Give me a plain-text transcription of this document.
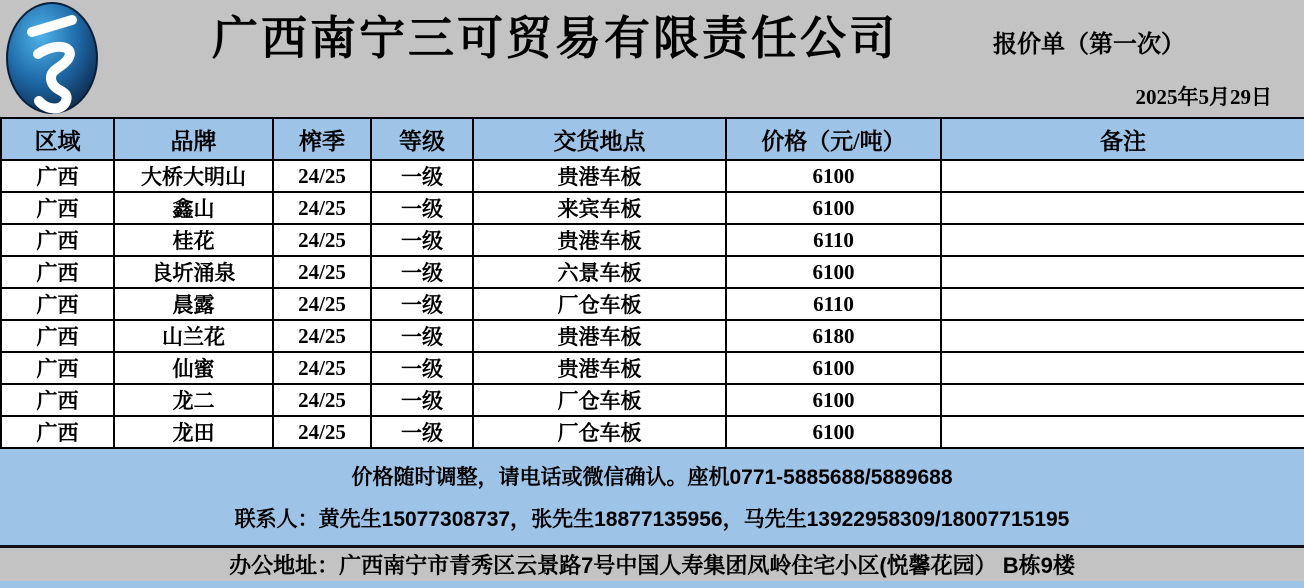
广西南宁三可贸易有限责任公司	报价单（第一次）
2025年5月29日
区域	品牌	榨季	等级	交货地点	价格（元/吨）	备注
广西	大桥大明山	24/25	一级	贵港车板	6100	
广西	鑫山	24/25	一级	来宾车板	6100	
广西	桂花	24/25	一级	贵港车板	6110	
广西	良圻涌泉	24/25	一级	六景车板	6100	
广西	晨露	24/25	一级	厂仓车板	6110	
广西	山兰花	24/25	一级	贵港车板	6180	
广西	仙蜜	24/25	一级	贵港车板	6100	
广西	龙二	24/25	一级	厂仓车板	6100	
广西	龙田	24/25	一级	厂仓车板	6100	

价格随时调整，请电话或微信确认。座机0771-5885688/5889688

联系人：黄先生15077308737，张先生18877135956，马先生13922958309/18007715195

办公地址：广西南宁市青秀区云景路7号中国人寿集团凤岭住宅小区(悦馨花园） B栋9楼
